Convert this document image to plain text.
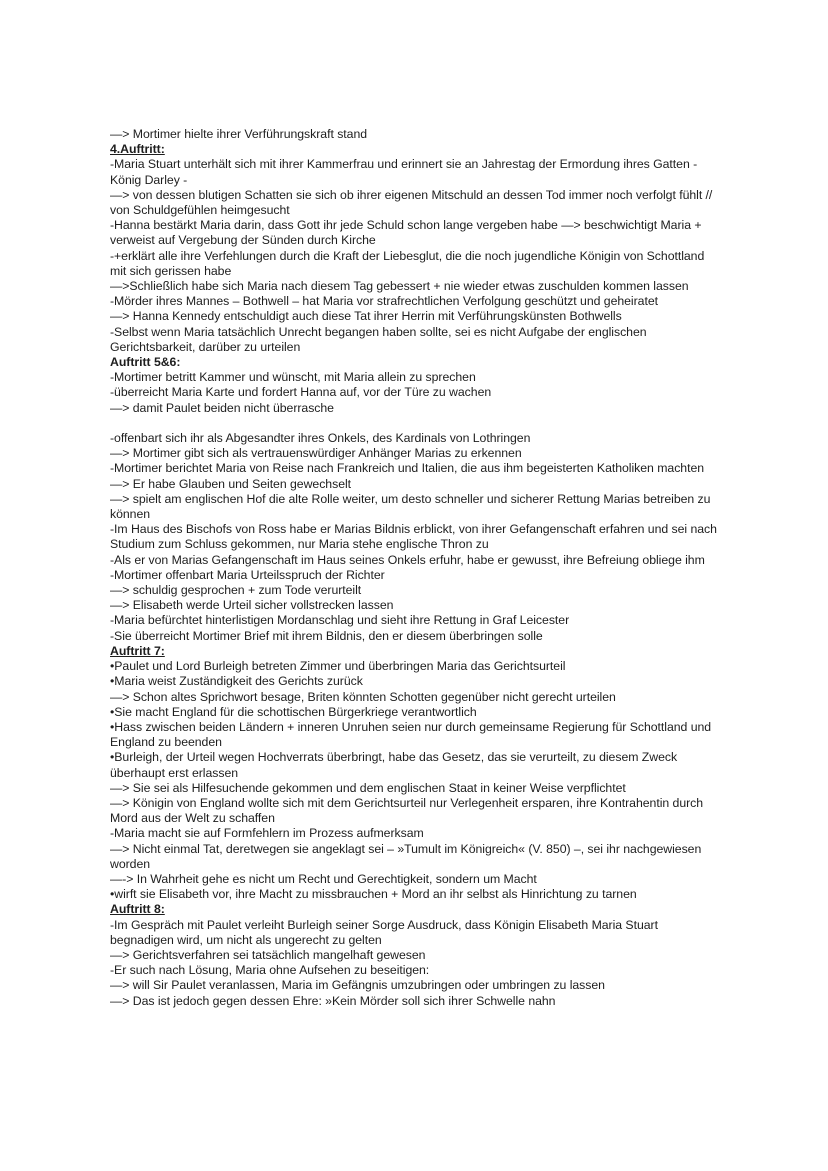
—> Mortimer hielte ihrer Verführungskraft stand
4.Auftritt:
-Maria Stuart unterhält sich mit ihrer Kammerfrau und erinnert sie an Jahrestag der Ermordung ihres Gatten - König Darley -
—> von dessen blutigen Schatten sie sich ob ihrer eigenen Mitschuld an dessen Tod immer noch verfolgt fühlt // von Schuldgefühlen heimgesucht
-Hanna bestärkt Maria darin, dass Gott ihr jede Schuld schon lange vergeben habe —> beschwichtigt Maria + verweist auf Vergebung der Sünden durch Kirche
-+erklärt alle ihre Verfehlungen durch die Kraft der Liebesglut, die die noch jugendliche Königin von Schottland mit sich gerissen habe
—>Schließlich habe sich Maria nach diesem Tag gebessert + nie wieder etwas zuschulden kommen lassen
-Mörder ihres Mannes – Bothwell – hat Maria vor strafrechtlichen Verfolgung geschützt und geheiratet
—> Hanna Kennedy entschuldigt auch diese Tat ihrer Herrin mit Verführungskünsten Bothwells
-Selbst wenn Maria tatsächlich Unrecht begangen haben sollte, sei es nicht Aufgabe der englischen Gerichtsbarkeit, darüber zu urteilen
Auftritt 5&6:
-Mortimer betritt Kammer und wünscht, mit Maria allein zu sprechen
-überreicht Maria Karte und fordert Hanna auf, vor der Türe zu wachen
—> damit Paulet beiden nicht überrasche
-offenbart sich ihr als Abgesandter ihres Onkels, des Kardinals von Lothringen
—> Mortimer gibt sich als vertrauenswürdiger Anhänger Marias zu erkennen
-Mortimer berichtet Maria von Reise nach Frankreich und Italien, die aus ihm begeisterten Katholiken machten
—> Er habe Glauben und Seiten gewechselt
—> spielt am englischen Hof die alte Rolle weiter, um desto schneller und sicherer Rettung Marias betreiben zu können
-Im Haus des Bischofs von Ross habe er Marias Bildnis erblickt, von ihrer Gefangenschaft erfahren und sei nach Studium zum Schluss gekommen, nur Maria stehe englische Thron zu
-Als er von Marias Gefangenschaft im Haus seines Onkels erfuhr, habe er gewusst, ihre Befreiung obliege ihm
-Mortimer offenbart Maria Urteilsspruch der Richter
—> schuldig gesprochen + zum Tode verurteilt
—> Elisabeth werde Urteil sicher vollstrecken lassen
-Maria befürchtet hinterlistigen Mordanschlag und sieht ihre Rettung in Graf Leicester
-Sie überreicht Mortimer Brief mit ihrem Bildnis, den er diesem überbringen solle
Auftritt 7:
•Paulet und Lord Burleigh betreten Zimmer und überbringen Maria das Gerichtsurteil
•Maria weist Zuständigkeit des Gerichts zurück
—> Schon altes Sprichwort besage, Briten könnten Schotten gegenüber nicht gerecht urteilen
•Sie macht England für die schottischen Bürgerkriege verantwortlich
•Hass zwischen beiden Ländern + inneren Unruhen seien nur durch gemeinsame Regierung für Schottland und England zu beenden
•Burleigh, der Urteil wegen Hochverrats überbringt, habe das Gesetz, das sie verurteilt, zu diesem Zweck überhaupt erst erlassen
—> Sie sei als Hilfesuchende gekommen und dem englischen Staat in keiner Weise verpflichtet
—> Königin von England wollte sich mit dem Gerichtsurteil nur Verlegenheit ersparen, ihre Kontrahentin durch Mord aus der Welt zu schaffen
-Maria macht sie auf Formfehlern im Prozess aufmerksam
—> Nicht einmal Tat, deretwegen sie angeklagt sei – »Tumult im Königreich« (V. 850) –, sei ihr nachgewiesen worden
—-> In Wahrheit gehe es nicht um Recht und Gerechtigkeit, sondern um Macht
•wirft sie Elisabeth vor, ihre Macht zu missbrauchen + Mord an ihr selbst als Hinrichtung zu tarnen
Auftritt 8:
-Im Gespräch mit Paulet verleiht Burleigh seiner Sorge Ausdruck, dass Königin Elisabeth Maria Stuart begnadigen wird, um nicht als ungerecht zu gelten
—> Gerichtsverfahren sei tatsächlich mangelhaft gewesen
-Er such nach Lösung, Maria ohne Aufsehen zu beseitigen:
—> will Sir Paulet veranlassen, Maria im Gefängnis umzubringen oder umbringen zu lassen
—> Das ist jedoch gegen dessen Ehre: »Kein Mörder soll sich ihrer Schwelle nahn
